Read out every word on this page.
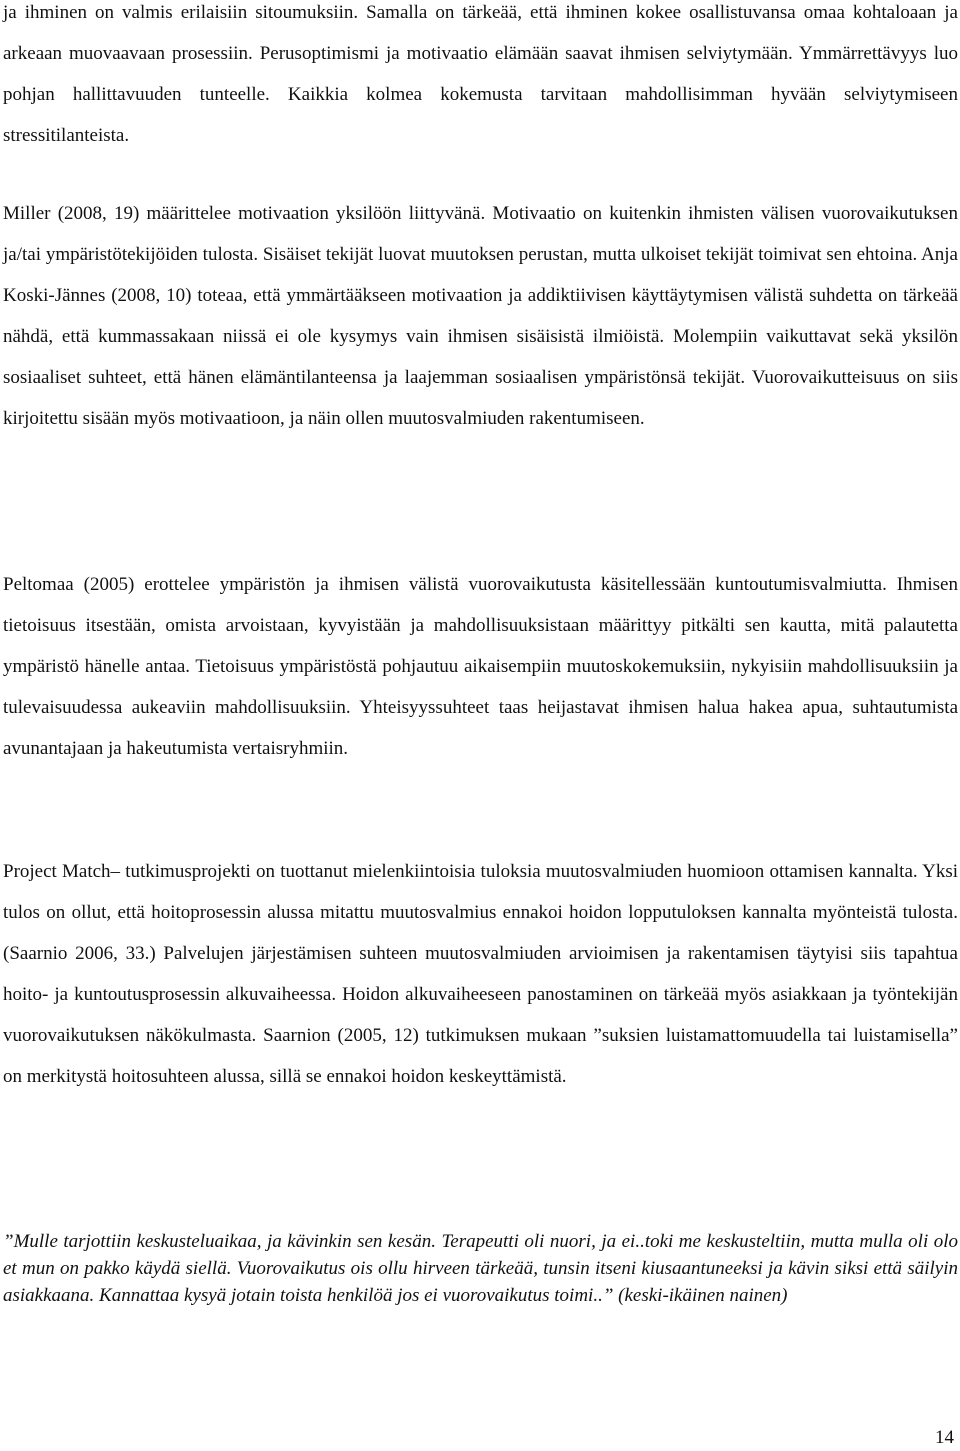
ja ihminen on valmis erilaisiin sitoumuksiin. Samalla on tärkeää, että ihminen kokee osallistuvansa omaa kohtaloaan ja arkeaan muovaavaan prosessiin. Perusoptimismi ja motivaatio elämään saavat ihmisen selviytymään. Ymmärrettävyys luo pohjan hallittavuuden tunteelle. Kaikkia kolmea kokemusta tarvitaan mahdollisimman hyvään selviytymiseen stressitilanteista.

Miller (2008, 19) määrittelee motivaation yksilöön liittyvänä. Motivaatio on kuitenkin ihmisten välisen vuorovaikutuksen ja/tai ympäristötekijöiden tulosta. Sisäiset tekijät luovat muutoksen perustan, mutta ulkoiset tekijät toimivat sen ehtoina. Anja Koski-Jännes (2008, 10) toteaa, että ymmärtääkseen motivaation ja addiktiivisen käyttäytymisen välistä suhdetta on tärkeää nähdä, että kummassakaan niissä ei ole kysymys vain ihmisen sisäisistä ilmiöistä. Molempiin vaikuttavat sekä yksilön sosiaaliset suhteet, että hänen elämäntilanteensa ja laajemman sosiaalisen ympäristönsä tekijät. Vuorovaikutteisuus on siis kirjoitettu sisään myös motivaatioon, ja näin ollen muutosvalmiuden rakentumiseen.

Peltomaa (2005) erottelee ympäristön ja ihmisen välistä vuorovaikutusta käsitellessään kuntoutumisvalmiutta. Ihmisen tietoisuus itsestään, omista arvoistaan, kyvyistään ja mahdollisuuksistaan määrittyy pitkälti sen kautta, mitä palautetta ympäristö hänelle antaa. Tietoisuus ympäristöstä pohjautuu aikaisempiin muutoskokemuksiin, nykyisiin mahdollisuuksiin ja tulevaisuudessa aukeaviin mahdollisuuksiin. Yhteisyyssuhteet taas heijastavat ihmisen halua hakea apua, suhtautumista avunantajaan ja hakeutumista vertaisryhmiin.

Project Match– tutkimusprojekti on tuottanut mielenkiintoisia tuloksia muutosvalmiuden huomioon ottamisen kannalta. Yksi tulos on ollut, että hoitoprosessin alussa mitattu muutosvalmius ennakoi hoidon lopputuloksen kannalta myönteistä tulosta. (Saarnio 2006, 33.) Palvelujen järjestämisen suhteen muutosvalmiuden arvioimisen ja rakentamisen täytyisi siis tapahtua hoito- ja kuntoutusprosessin alkuvaiheessa. Hoidon alkuvaiheeseen panostaminen on tärkeää myös asiakkaan ja työntekijän vuorovaikutuksen näkökulmasta. Saarnion (2005, 12) tutkimuksen mukaan ”suksien luistamattomuudella tai luistamisella” on merkitystä hoitosuhteen alussa, sillä se ennakoi hoidon keskeyttämistä.

”Mulle tarjottiin keskusteluaikaa, ja kävinkin sen kesän. Terapeutti oli nuori, ja ei..toki me keskusteltiin, mutta mulla oli olo et mun on pakko käydä siellä. Vuorovaikutus ois ollu hirveen tärkeää, tunsin itseni kiusaantuneeksi ja kävin siksi että säilyin asiakkaana. Kannattaa kysyä jotain toista henkilöä jos ei vuorovaikutus toimi..” (keski-ikäinen nainen)

14
